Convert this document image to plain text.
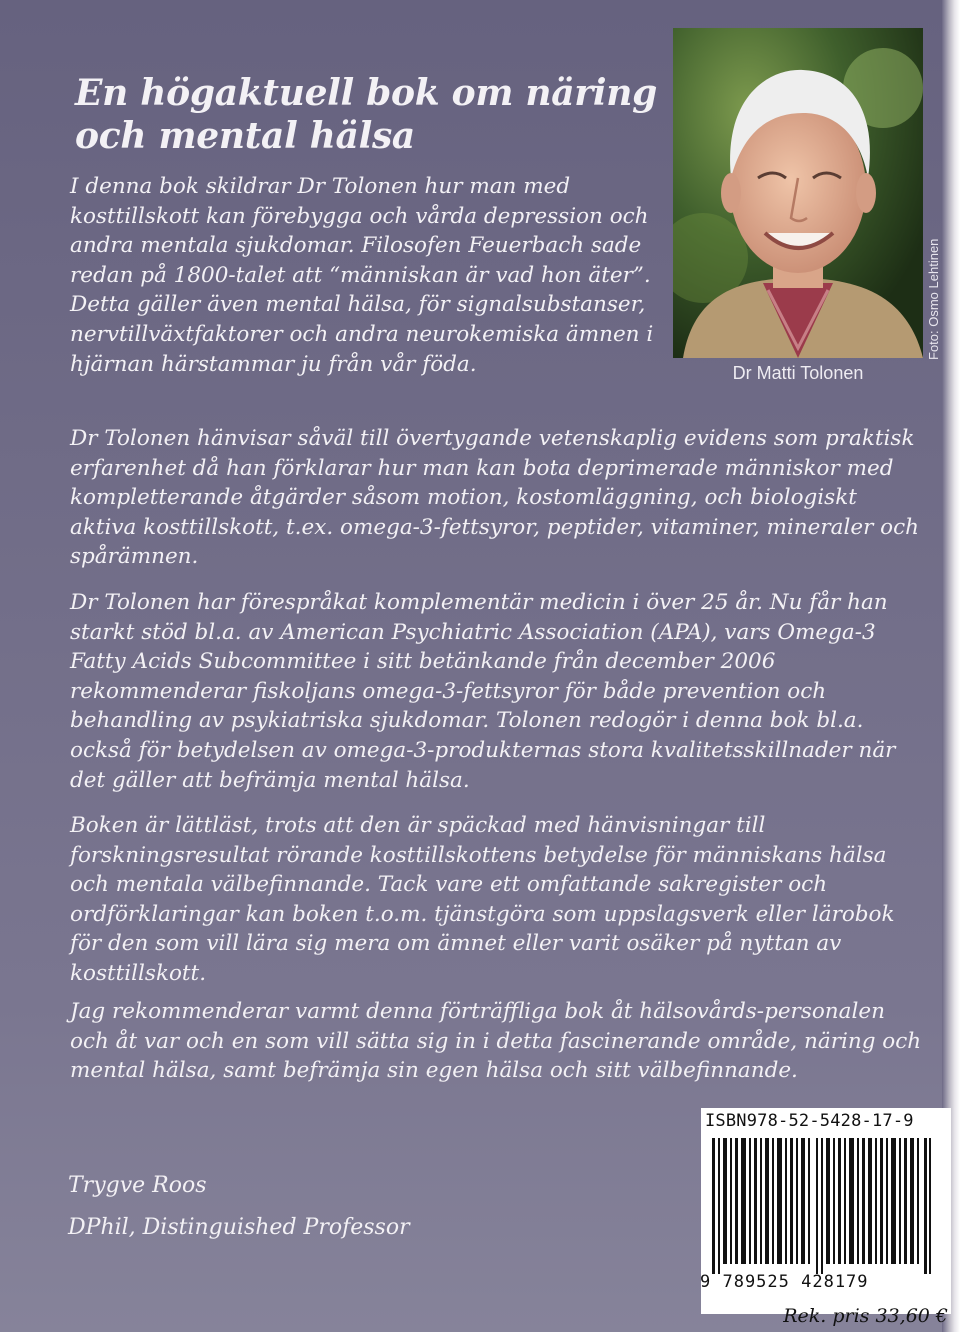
En högaktuell bok om näring och mental hälsa

I denna bok skildrar Dr Tolonen hur man med kosttillskott kan förebygga och vårda depression och andra mentala sjukdomar. Filosofen Feuerbach sade redan på 1800-talet att “människan är vad hon äter”. Detta gäller även mental hälsa, för signalsubstanser, nervtillväxtfaktorer och andra neurokemiska ämnen i hjärnan härstammar ju från vår föda.

Dr Tolonen hänvisar såväl till övertygande vetenskaplig evidens som praktisk erfarenhet då han förklarar hur man kan bota deprimerade människor med kompletterande åtgärder såsom motion, kostomläggning, och biologiskt aktiva kosttillskott, t.ex. omega-3-fettsyror, peptider, vitaminer, mineraler och spårämnen.

Dr Tolonen har förespråkat komplementär medicin i över 25 år. Nu får han starkt stöd bl.a. av American Psychiatric Association (APA), vars Omega-3 Fatty Acids Subcommittee i sitt betänkande från december 2006 rekommenderar fiskoljans omega-3-fettsyror för både prevention och behandling av psykiatriska sjukdomar. Tolonen redogör i denna bok bl.a. också för betydelsen av omega-3-produkternas stora kvalitetsskillnader när det gäller att befrämja mental hälsa.

Boken är lättläst, trots att den är späckad med hänvisningar till forskningsresultat rörande kosttillskottens betydelse för människans hälsa och mentala välbefinnande. Tack vare ett omfattande sakregister och ordförklaringar kan boken t.o.m. tjänstgöra som uppslagsverk eller lärobok för den som vill lära sig mera om ämnet eller varit osäker på nyttan av kosttillskott.

Jag rekommenderar varmt denna förträffliga bok åt hälsovårds-personalen och åt var och en som vill sätta sig in i detta fascinerande område, näring och mental hälsa, samt befrämja sin egen hälsa och sitt välbefinnande.

Trygve Roos
DPhil, Distinguished Professor
Dr Matti Tolonen
Foto: Osmo Lehtinen
ISBN978-52-5428-17-9
9 789525 428179
Rek. pris 33,60 €
